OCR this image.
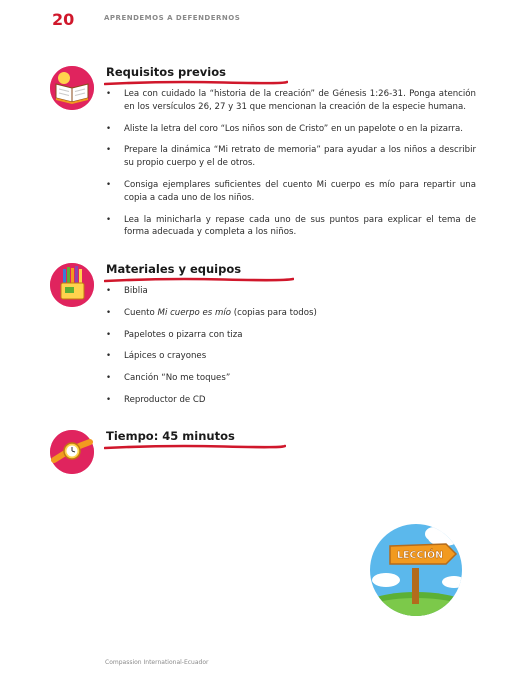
20	APRENDEMOS A DEFENDERNOS
Requisitos previos
• Lea con cuidado la “historia de la creación” de Génesis 1:26-31. Ponga atención en los versículos 26, 27 y 31 que mencionan la creación de la especie humana.
• Aliste la letra del coro “Los niños son de Cristo” en un papelote o en la pizarra.
• Prepare la dinámica “Mi retrato de memoria” para ayudar a los niños a describir su propio cuerpo y el de otros.
• Consiga ejemplares suficientes del cuento Mi cuerpo es mío para repartir una copia a cada uno de los niños.
• Lea la minicharla y repase cada uno de sus puntos para explicar el tema de forma adecuada y completa a los niños.
Materiales y equipos
• Biblia
• Cuento Mi cuerpo es mío (copias para todos)
• Papelotes o pizarra con tiza
• Lápices o crayones
• Canción “No me toques”
• Reproductor de CD
Tiempo: 45 minutos
LECCIÓN
Compassion International-Ecuador
